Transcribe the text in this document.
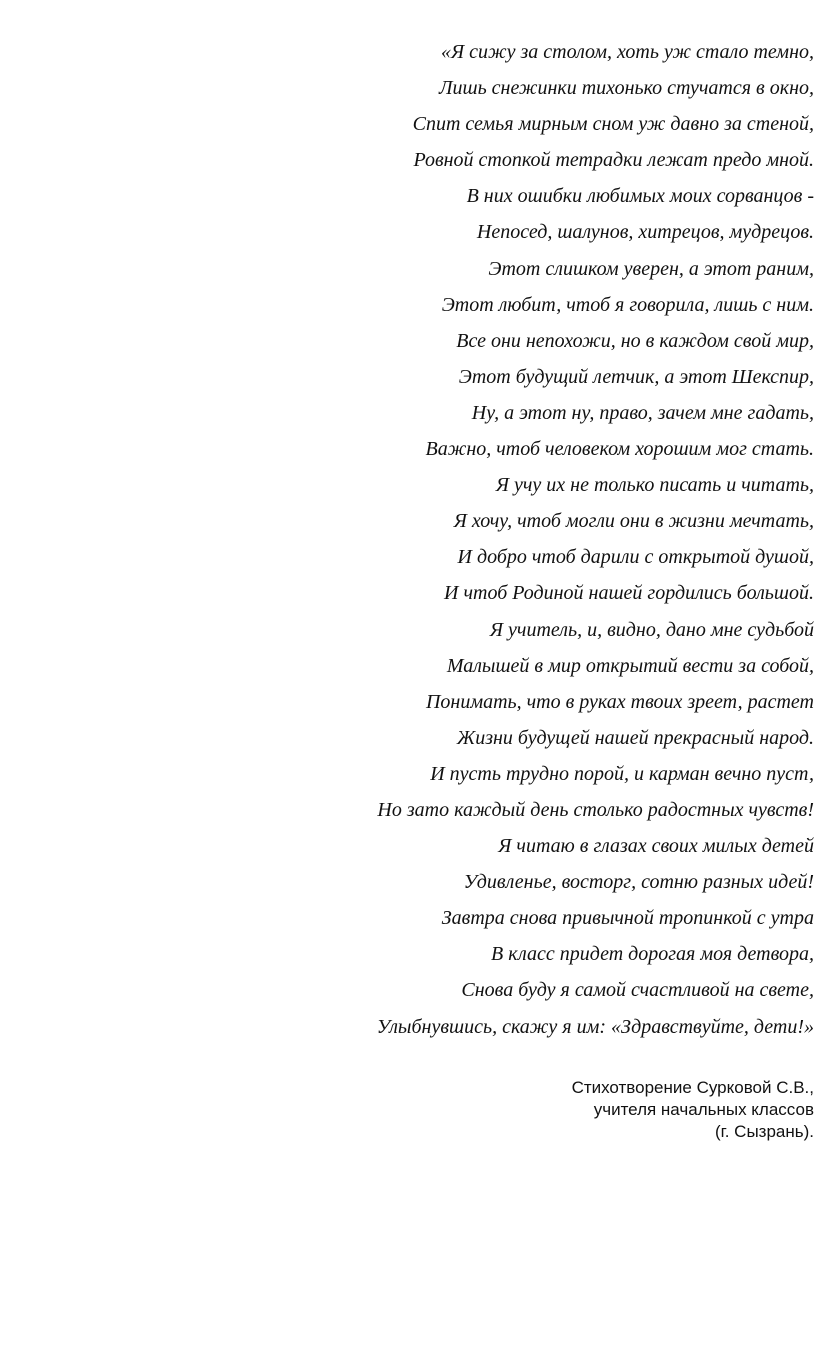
«Я сижу за столом, хоть уж стало темно,
Лишь снежинки тихонько стучатся в окно,
Спит семья мирным сном уж давно за стеной,
Ровной стопкой тетрадки лежат предо мной.
В них ошибки любимых моих сорванцов -
Непосед, шалунов, хитрецов, мудрецов.
Этот слишком уверен, а этот раним,
Этот любит, чтоб я говорила, лишь с ним.
Все они непохожи, но в каждом свой мир,
Этот будущий летчик, а этот Шекспир,
Ну, а этот ну, право, зачем мне гадать,
Важно, чтоб человеком хорошим мог стать.
Я учу их не только писать и читать,
Я хочу, чтоб могли они в жизни мечтать,
И добро чтоб дарили с открытой душой,
И чтоб Родиной нашей гордились большой.
Я учитель, и, видно, дано мне судьбой
Малышей в мир открытий вести за собой,
Понимать, что в руках твоих зреет, растет
Жизни будущей нашей прекрасный народ.
И пусть трудно порой, и карман вечно пуст,
Но зато каждый день столько радостных чувств!
Я читаю в глазах своих милых детей
Удивленье, восторг, сотню разных идей!
Завтра снова привычной тропинкой с утра
В класс придет дорогая моя детвора,
Снова буду я самой счастливой на свете,
Улыбнувшись, скажу я им: «Здравствуйте, дети!»
Стихотворение Сурковой С.В.,
учителя начальных классов
(г. Сызрань).
